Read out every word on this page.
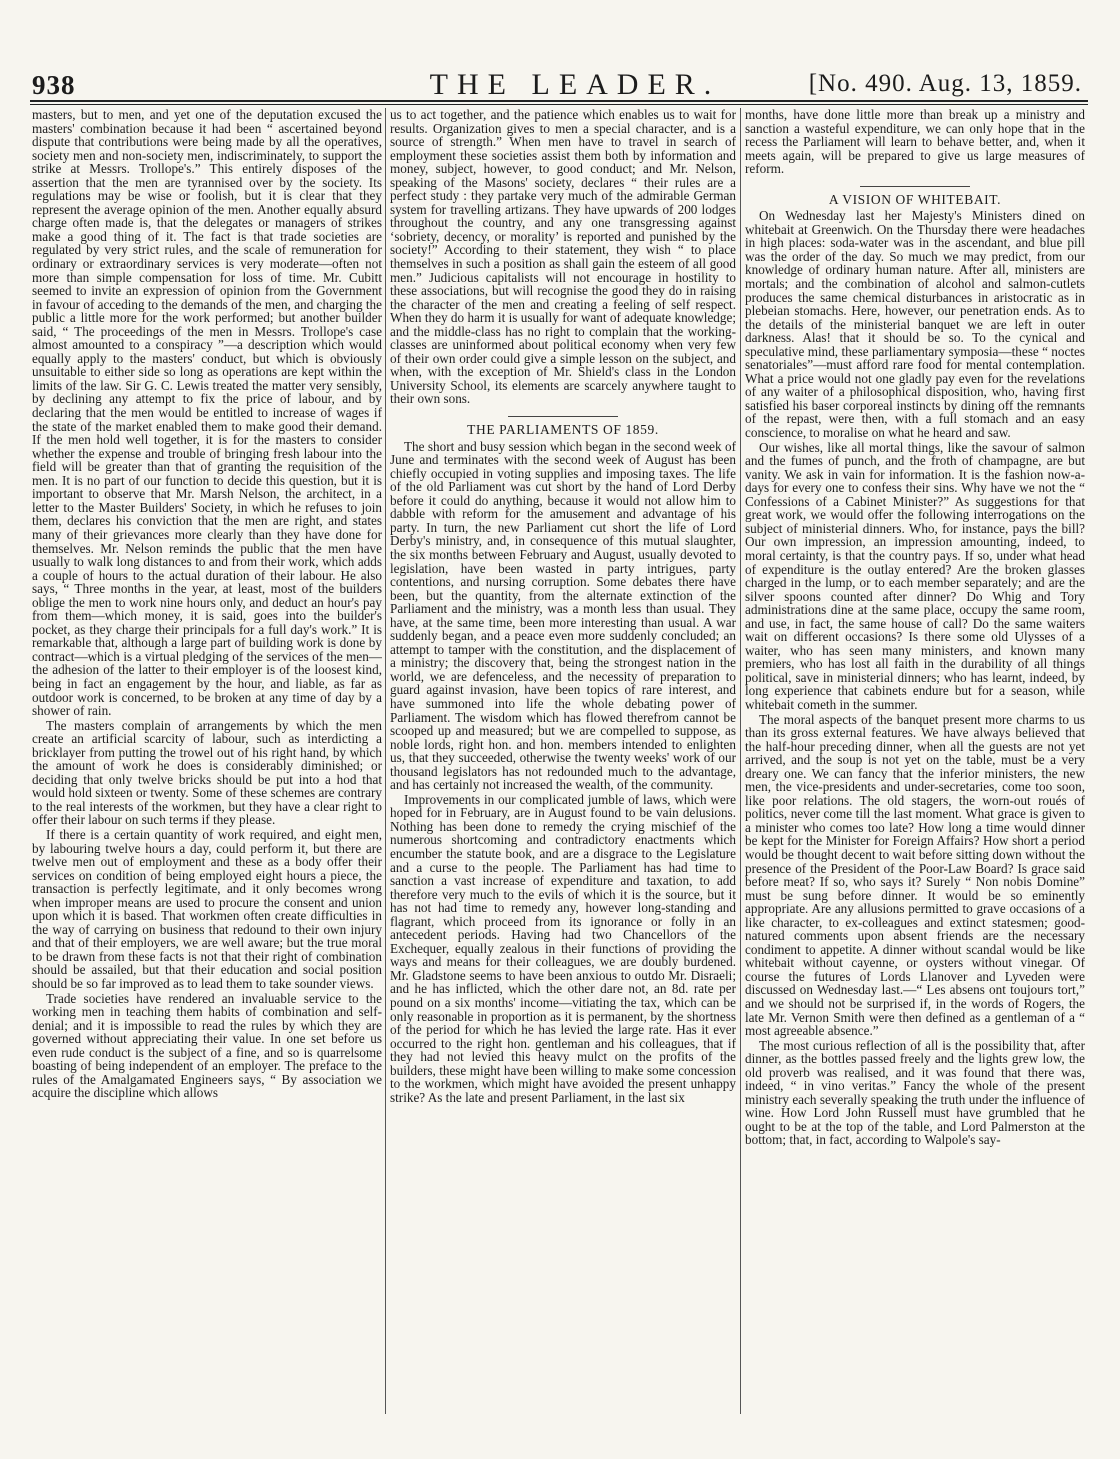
938	THE LEADER.	[No. 490. Aug. 13, 1859.

masters, but to men, and yet one of the deputation excused the masters' combination because it had been “ ascertained beyond dispute that contributions were being made by all the operatives, society men and non-society men, indiscriminately, to support the strike at Messrs. Trollope's.” This entirely disposes of the assertion that the men are tyrannised over by the society. Its regulations may be wise or foolish, but it is clear that they represent the average opinion of the men. Another equally absurd charge often made is, that the delegates or managers of strikes make a good thing of it. The fact is that trade societies are regulated by very strict rules, and the scale of remuneration for ordinary or extraordinary services is very moderate—often not more than simple compensation for loss of time. Mr. Cubitt seemed to invite an expression of opinion from the Government in favour of acceding to the demands of the men, and charging the public a little more for the work performed; but another builder said, “ The proceedings of the men in Messrs. Trollope's case almost amounted to a conspiracy ”—a description which would equally apply to the masters' conduct, but which is obviously unsuitable to either side so long as operations are kept within the limits of the law. Sir G. C. Lewis treated the matter very sensibly, by declining any attempt to fix the price of labour, and by declaring that the men would be entitled to increase of wages if the state of the market enabled them to make good their demand. If the men hold well together, it is for the masters to consider whether the expense and trouble of bringing fresh labour into the field will be greater than that of granting the requisition of the men. It is no part of our function to decide this question, but it is important to observe that Mr. Marsh Nelson, the architect, in a letter to the Master Builders' Society, in which he refuses to join them, declares his conviction that the men are right, and states many of their grievances more clearly than they have done for themselves. Mr. Nelson reminds the public that the men have usually to walk long distances to and from their work, which adds a couple of hours to the actual duration of their labour. He also says, “ Three months in the year, at least, most of the builders oblige the men to work nine hours only, and deduct an hour's pay from them—which money, it is said, goes into the builder's pocket, as they charge their principals for a full day's work.” It is remarkable that, although a large part of building work is done by contract—which is a virtual pledging of the services of the men—the adhesion of the latter to their employer is of the loosest kind, being in fact an engagement by the hour, and liable, as far as outdoor work is concerned, to be broken at any time of day by a shower of rain.

The masters complain of arrangements by which the men create an artificial scarcity of labour, such as interdicting a bricklayer from putting the trowel out of his right hand, by which the amount of work he does is considerably diminished; or deciding that only twelve bricks should be put into a hod that would hold sixteen or twenty. Some of these schemes are contrary to the real interests of the workmen, but they have a clear right to offer their labour on such terms if they please.

If there is a certain quantity of work required, and eight men, by labouring twelve hours a day, could perform it, but there are twelve men out of employment and these as a body offer their services on condition of being employed eight hours a piece, the transaction is perfectly legitimate, and it only becomes wrong when improper means are used to procure the consent and union upon which it is based. That workmen often create difficulties in the way of carrying on business that redound to their own injury and that of their employers, we are well aware; but the true moral to be drawn from these facts is not that their right of combination should be assailed, but that their education and social position should be so far improved as to lead them to take sounder views.

Trade societies have rendered an invaluable service to the working men in teaching them habits of combination and self-denial; and it is impossible to read the rules by which they are governed without appreciating their value. In one set before us even rude conduct is the subject of a fine, and so is quarrelsome boasting of being independent of an employer. The preface to the rules of the Amalgamated Engineers says, “ By association we acquire the discipline which allows

us to act together, and the patience which enables us to wait for results. Organization gives to men a special character, and is a source of strength.” When men have to travel in search of employment these societies assist them both by information and money, subject, however, to good conduct; and Mr. Nelson, speaking of the Masons' society, declares “ their rules are a perfect study : they partake very much of the admirable German system for travelling artizans. They have upwards of 200 lodges throughout the country, and any one transgressing against ‘sobriety, decency, or morality’ is reported and punished by the society!” According to their statement, they wish “ to place themselves in such a position as shall gain the esteem of all good men.” Judicious capitalists will not encourage in hostility to these associations, but will recognise the good they do in raising the character of the men and creating a feeling of self respect. When they do harm it is usually for want of adequate knowledge; and the middle-class has no right to complain that the working-classes are uninformed about political economy when very few of their own order could give a simple lesson on the subject, and when, with the exception of Mr. Shield's class in the London University School, its elements are scarcely anywhere taught to their own sons.

THE PARLIAMENTS OF 1859.

The short and busy session which began in the second week of June and terminates with the second week of August has been chiefly occupied in voting supplies and imposing taxes. The life of the old Parliament was cut short by the hand of Lord Derby before it could do anything, because it would not allow him to dabble with reform for the amusement and advantage of his party. In turn, the new Parliament cut short the life of Lord Derby's ministry, and, in consequence of this mutual slaughter, the six months between February and August, usually devoted to legislation, have been wasted in party intrigues, party contentions, and nursing corruption. Some debates there have been, but the quantity, from the alternate extinction of the Parliament and the ministry, was a month less than usual. They have, at the same time, been more interesting than usual. A war suddenly began, and a peace even more suddenly concluded; an attempt to tamper with the constitution, and the displacement of a ministry; the discovery that, being the strongest nation in the world, we are defenceless, and the necessity of preparation to guard against invasion, have been topics of rare interest, and have summoned into life the whole debating power of Parliament. The wisdom which has flowed therefrom cannot be scooped up and measured; but we are compelled to suppose, as noble lords, right hon. and hon. members intended to enlighten us, that they succeeded, otherwise the twenty weeks' work of our thousand legislators has not redounded much to the advantage, and has certainly not increased the wealth, of the community.

Improvements in our complicated jumble of laws, which were hoped for in February, are in August found to be vain delusions. Nothing has been done to remedy the crying mischief of the numerous shortcoming and contradictory enactments which encumber the statute book, and are a disgrace to the Legislature and a curse to the people. The Parliament has had time to sanction a vast increase of expenditure and taxation, to add therefore very much to the evils of which it is the source, but it has not had time to remedy any, however long-standing and flagrant, which proceed from its ignorance or folly in an antecedent periods. Having had two Chancellors of the Exchequer, equally zealous in their functions of providing the ways and means for their colleagues, we are doubly burdened. Mr. Gladstone seems to have been anxious to outdo Mr. Disraeli; and he has inflicted, which the other dare not, an 8d. rate per pound on a six months' income—vitiating the tax, which can be only reasonable in proportion as it is permanent, by the shortness of the period for which he has levied the large rate. Has it ever occurred to the right hon. gentleman and his colleagues, that if they had not levied this heavy mulct on the profits of the builders, these might have been willing to make some concession to the workmen, which might have avoided the present unhappy strike? As the late and present Parliament, in the last six

months, have done little more than break up a ministry and sanction a wasteful expenditure, we can only hope that in the recess the Parliament will learn to behave better, and, when it meets again, will be prepared to give us large measures of reform.

A VISION OF WHITEBAIT.

On Wednesday last her Majesty's Ministers dined on whitebait at Greenwich. On the Thursday there were headaches in high places: soda-water was in the ascendant, and blue pill was the order of the day. So much we may predict, from our knowledge of ordinary human nature. After all, ministers are mortals; and the combination of alcohol and salmon-cutlets produces the same chemical disturbances in aristocratic as in plebeian stomachs. Here, however, our penetration ends. As to the details of the ministerial banquet we are left in outer darkness. Alas! that it should be so. To the cynical and speculative mind, these parliamentary symposia—these “ noctes senatoriales”—must afford rare food for mental contemplation. What a price would not one gladly pay even for the revelations of any waiter of a philosophical disposition, who, having first satisfied his baser corporeal instincts by dining off the remnants of the repast, were then, with a full stomach and an easy conscience, to moralise on what he heard and saw.

Our wishes, like all mortal things, like the savour of salmon and the fumes of punch, and the froth of champagne, are but vanity. We ask in vain for information. It is the fashion now-a-days for every one to confess their sins. Why have we not the “ Confessions of a Cabinet Minister?” As suggestions for that great work, we would offer the following interrogations on the subject of ministerial dinners. Who, for instance, pays the bill? Our own impression, an impression amounting, indeed, to moral certainty, is that the country pays. If so, under what head of expenditure is the outlay entered? Are the broken glasses charged in the lump, or to each member separately; and are the silver spoons counted after dinner? Do Whig and Tory administrations dine at the same place, occupy the same room, and use, in fact, the same house of call? Do the same waiters wait on different occasions? Is there some old Ulysses of a waiter, who has seen many ministers, and known many premiers, who has lost all faith in the durability of all things political, save in ministerial dinners; who has learnt, indeed, by long experience that cabinets endure but for a season, while whitebait cometh in the summer.

The moral aspects of the banquet present more charms to us than its gross external features. We have always believed that the half-hour preceding dinner, when all the guests are not yet arrived, and the soup is not yet on the table, must be a very dreary one. We can fancy that the inferior ministers, the new men, the vice-presidents and under-secretaries, come too soon, like poor relations. The old stagers, the worn-out roués of politics, never come till the last moment. What grace is given to a minister who comes too late? How long a time would dinner be kept for the Minister for Foreign Affairs? How short a period would be thought decent to wait before sitting down without the presence of the President of the Poor-Law Board? Is grace said before meat? If so, who says it? Surely “ Non nobis Domine” must be sung before dinner. It would be so eminently appropriate. Are any allusions permitted to grave occasions of a like character, to ex-colleagues and extinct statesmen; good-natured comments upon absent friends are the necessary condiment to appetite. A dinner without scandal would be like whitebait without cayenne, or oysters without vinegar. Of course the futures of Lords Llanover and Lyveden were discussed on Wednesday last.—“ Les absens ont toujours tort,” and we should not be surprised if, in the words of Rogers, the late Mr. Vernon Smith were then defined as a gentleman of a “ most agreeable absence.”

The most curious reflection of all is the possibility that, after dinner, as the bottles passed freely and the lights grew low, the old proverb was realised, and it was found that there was, indeed, “ in vino veritas.” Fancy the whole of the present ministry each severally speaking the truth under the influence of wine. How Lord John Russell must have grumbled that he ought to be at the top of the table, and Lord Palmerston at the bottom; that, in fact, according to Walpole's say-
